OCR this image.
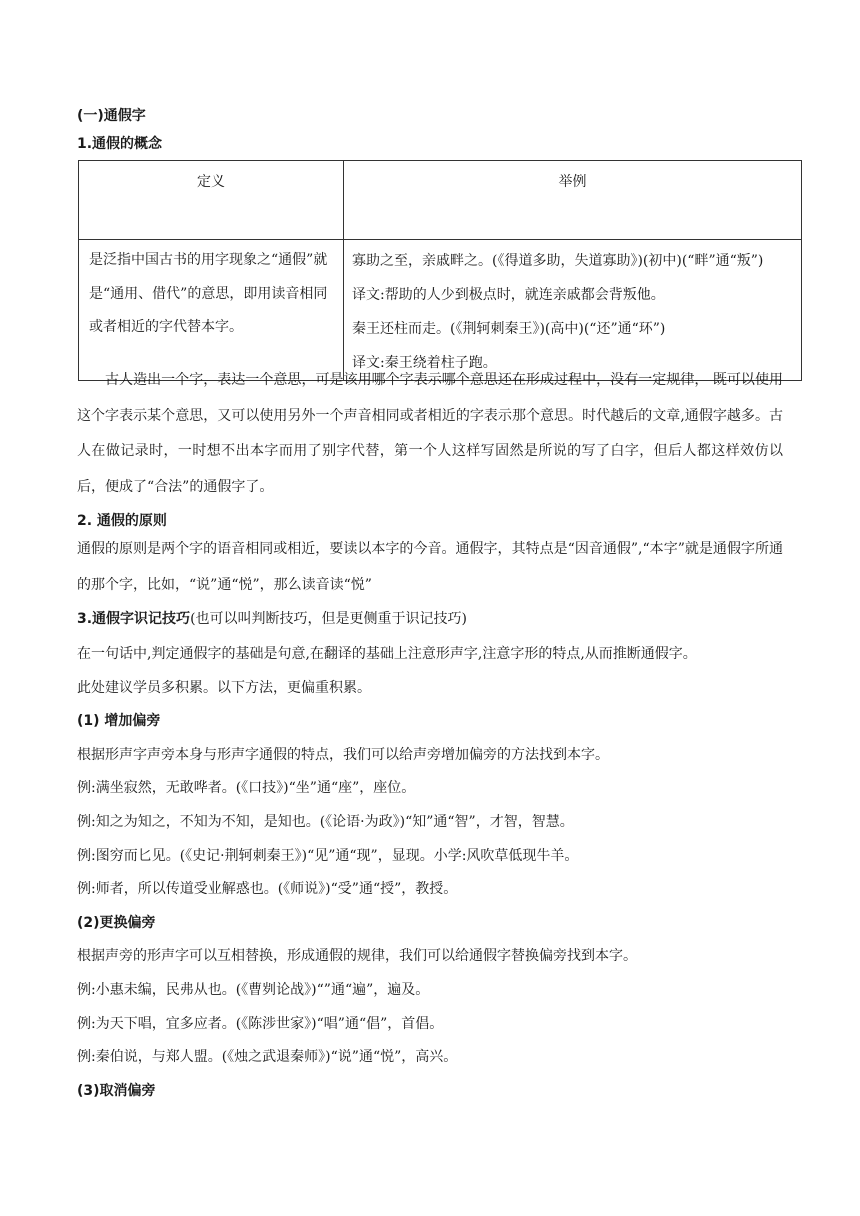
(一)通假字
1.通假的概念
定义	举例
是泛指中国古书的用字现象之“通假”就是“通用、借代”的意思，即用读音相同或者相近的字代替本字。	寡助之至，亲戚畔之。(《得道多助，失道寡助》)(初中)(“畔”通“叛”)
译文:帮助的人少到极点时，就连亲戚都会背叛他。
秦王还柱而走。(《荆轲刺秦王》)(高中)(“还”通“环”)
译文:秦王绕着柱子跑。
古人造出一个字，表达一个意思，可是该用哪个字表示哪个意思还在形成过程中，没有一定规律， 既可以使用这个字表示某个意思，又可以使用另外一个声音相同或者相近的字表示那个意思。时代越后的文章,通假字越多。古人在做记录时，一时想不出本字而用了别字代替，第一个人这样写固然是所说的写了白字，但后人都这样效仿以后，便成了“合法”的通假字了。
2. 通假的原则
通假的原则是两个字的语音相同或相近，要读以本字的今音。通假字，其特点是“因音通假”,“本字”就是通假字所通的那个字，比如，“说”通“悦”，那么读音读“悦”
3.通假字识记技巧(也可以叫判断技巧，但是更侧重于识记技巧)
在一句话中,判定通假字的基础是句意,在翻译的基础上注意形声字,注意字形的特点,从而推断通假字。
此处建议学员多积累。以下方法，更偏重积累。
(1) 增加偏旁
根据形声字声旁本身与形声字通假的特点，我们可以给声旁增加偏旁的方法找到本字。
例:满坐寂然，无敢哗者。(《口技》)“坐”通“座”，座位。
例:知之为知之，不知为不知，是知也。(《论语·为政》)“知”通“智”，才智，智慧。
例:图穷而匕见。(《史记·荆轲刺秦王》)“见”通“现”，显现。小学:风吹草低现牛羊。
例:师者，所以传道受业解惑也。(《师说》)“受”通“授”，教授。
(2)更换偏旁
根据声旁的形声字可以互相替换，形成通假的规律，我们可以给通假字替换偏旁找到本字。
例:小惠未编，民弗从也。(《曹刿论战》)“”通“遍”，遍及。
例:为天下唱，宜多应者。(《陈涉世家》)“唱”通“倡”，首倡。
例:秦伯说，与郑人盟。(《烛之武退秦师》)“说”通“悦”，高兴。
(3)取消偏旁
